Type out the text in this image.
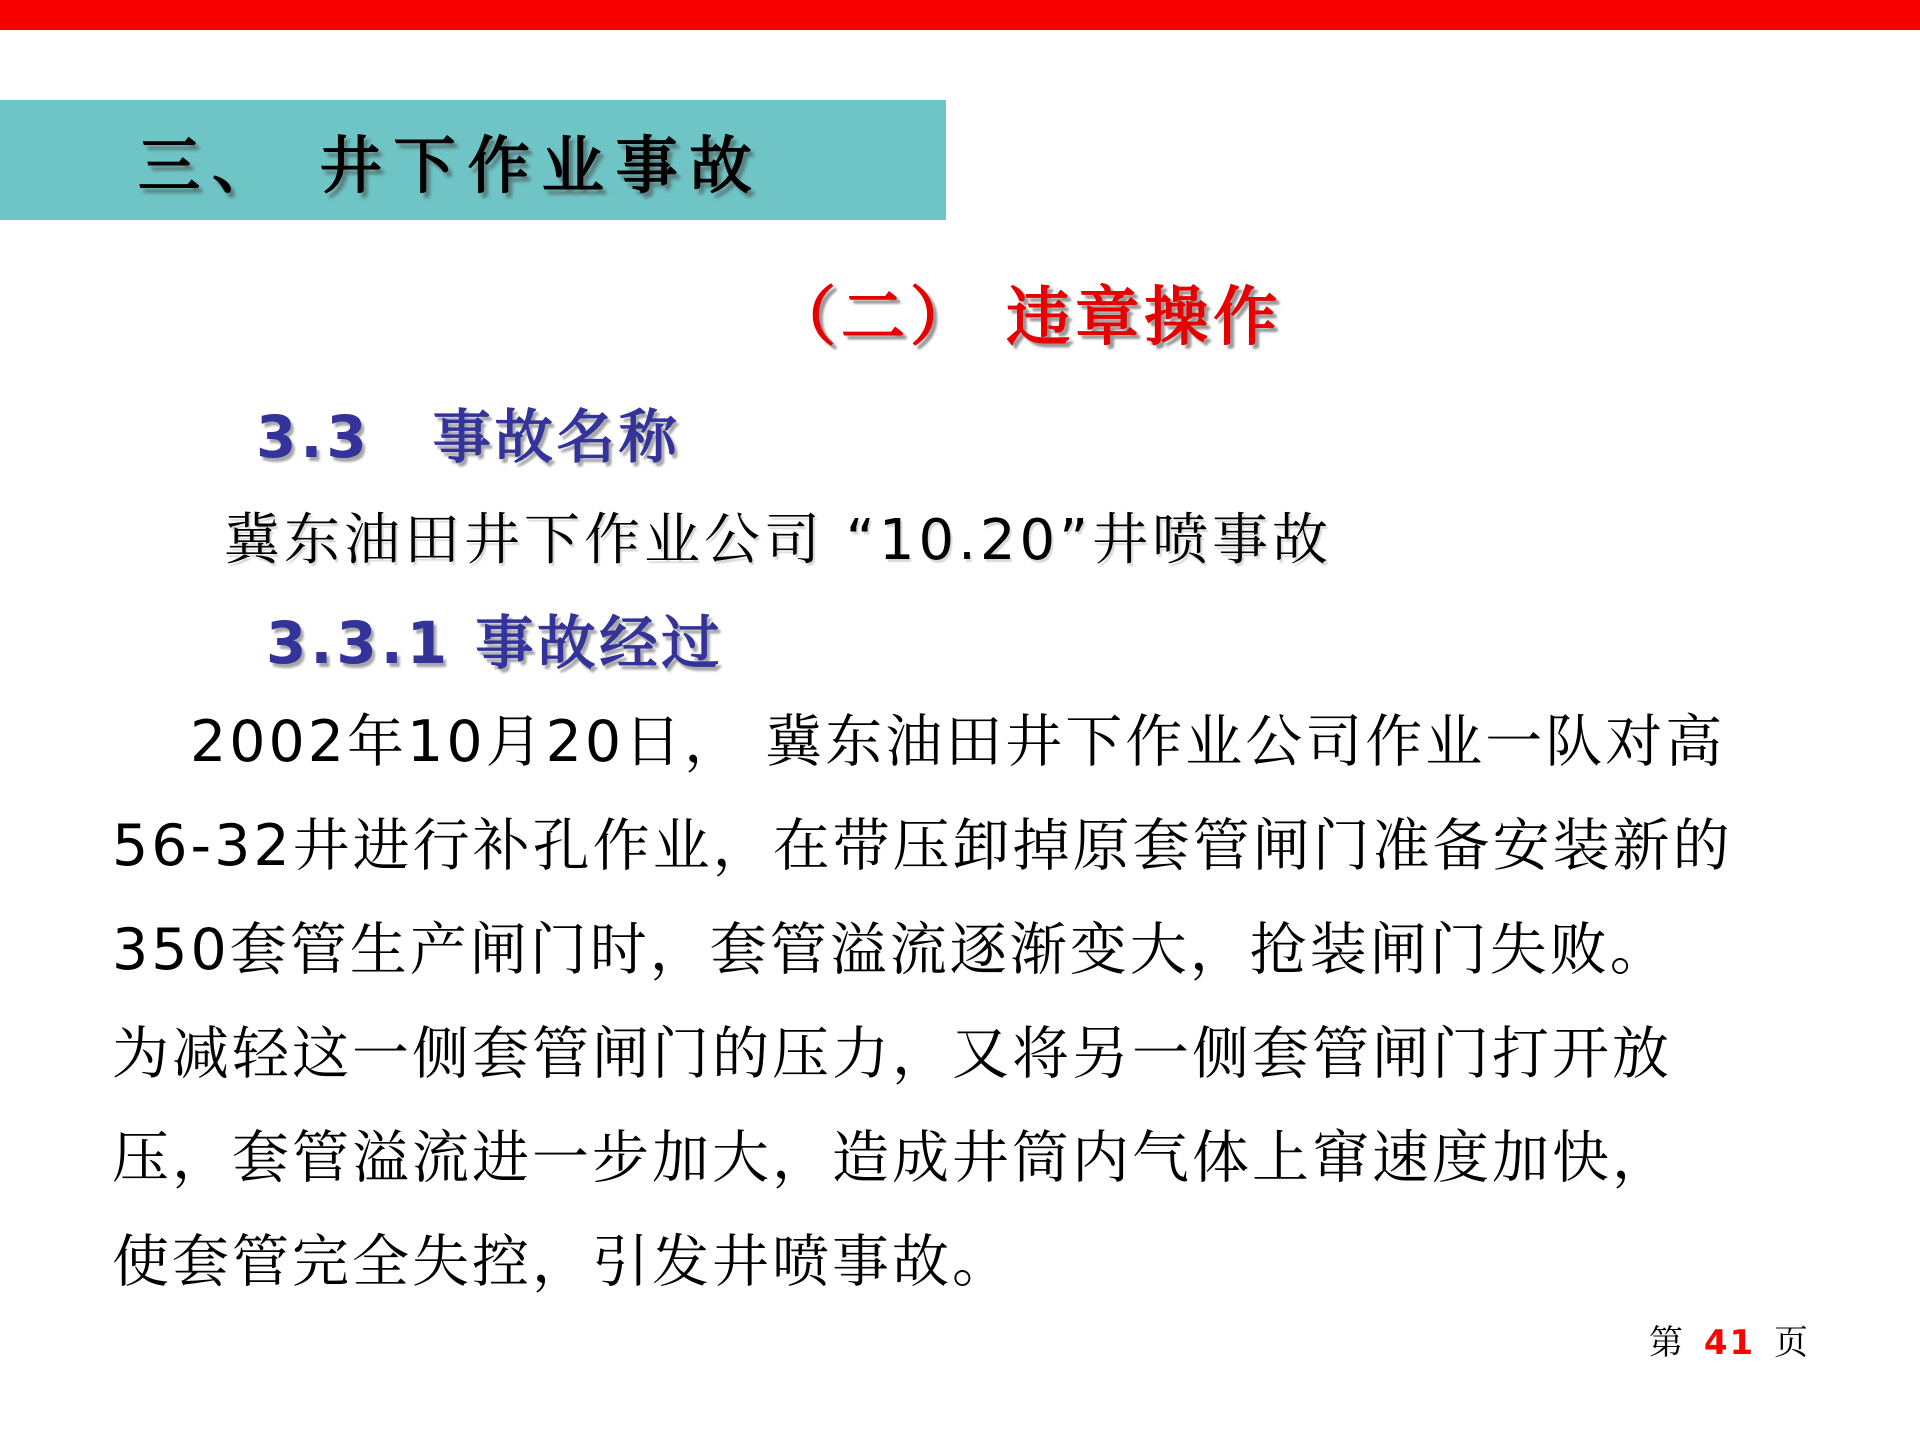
三、 井下作业事故
（二） 违章操作
3.3　事故名称
冀东油田井下作业公司 “10.20”井喷事故
3.3.1 事故经过
2002年10月20日， 冀东油田井下作业公司作业一队对高
56-32井进行补孔作业，在带压卸掉原套管闸门准备安装新的
350套管生产闸门时，套管溢流逐渐变大，抢装闸门失败。
为减轻这一侧套管闸门的压力，又将另一侧套管闸门打开放
压，套管溢流进一步加大，造成井筒内气体上窜速度加快，
使套管完全失控，引发井喷事故。
第 41 页
